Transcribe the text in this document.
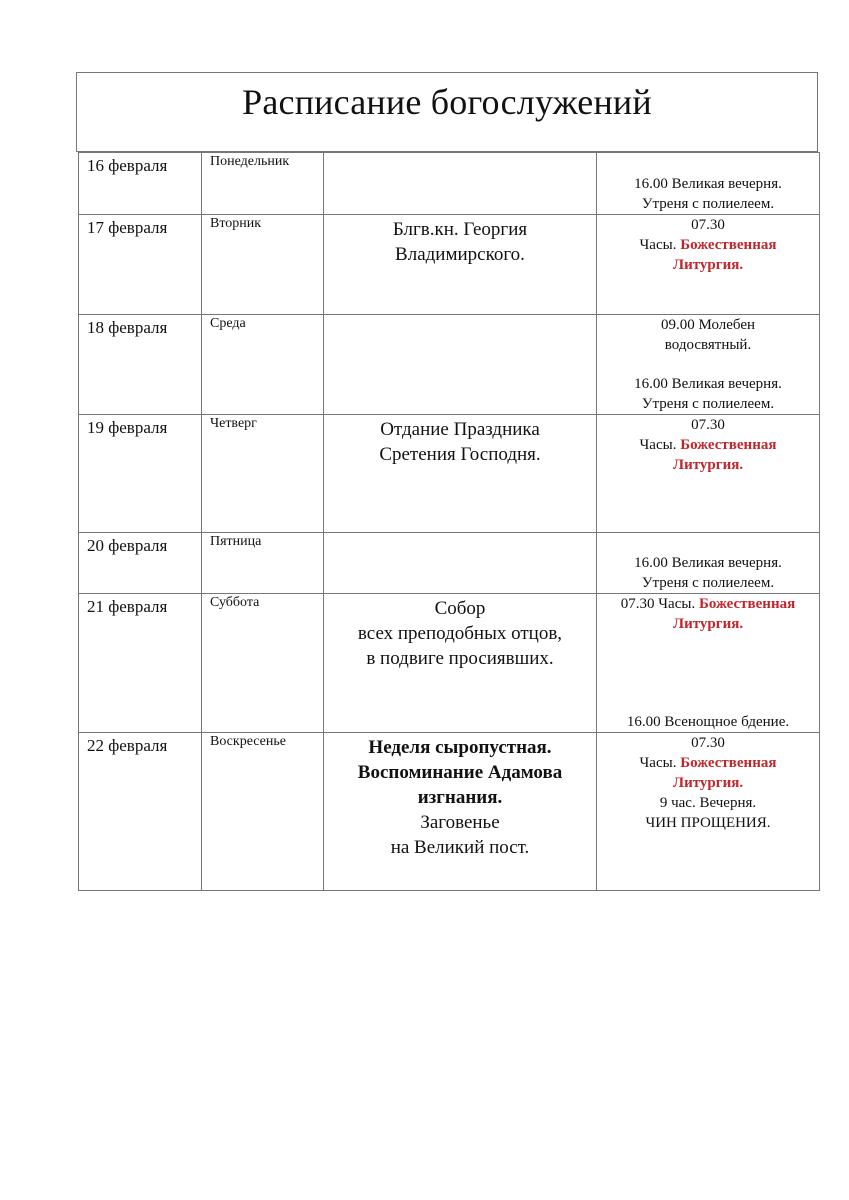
Расписание богослужений
16 февраля	Понедельник		16.00 Великая вечерня.
Утреня с полиелеем.

17 февраля	Вторник	Блгв.кн. Георгия
Владимирского.	07.30
Часы. Божественная
Литургия.

18 февраля	Среда		09.00 Молебен
водосвятный.
16.00 Великая вечерня.
Утреня с полиелеем.

19 февраля	Четверг	Отдание Праздника
Сретения Господня.	07.30
Часы. Божественная
Литургия.

20 февраля	Пятница		16.00 Великая вечерня.
Утреня с полиелеем.

21 февраля	Суббота	Собор
всех преподобных отцов,
в подвиге просиявших.	07.30 Часы. Божественная
Литургия.
16.00 Всенощное бдение.

22 февраля	Воскресенье	Неделя сыропустная.
Воспоминание Адамова
изгнания.
Заговенье
на Великий пост.	07.30
Часы. Божественная
Литургия.
9 час. Вечерня.
ЧИН ПРОЩЕНИЯ.
